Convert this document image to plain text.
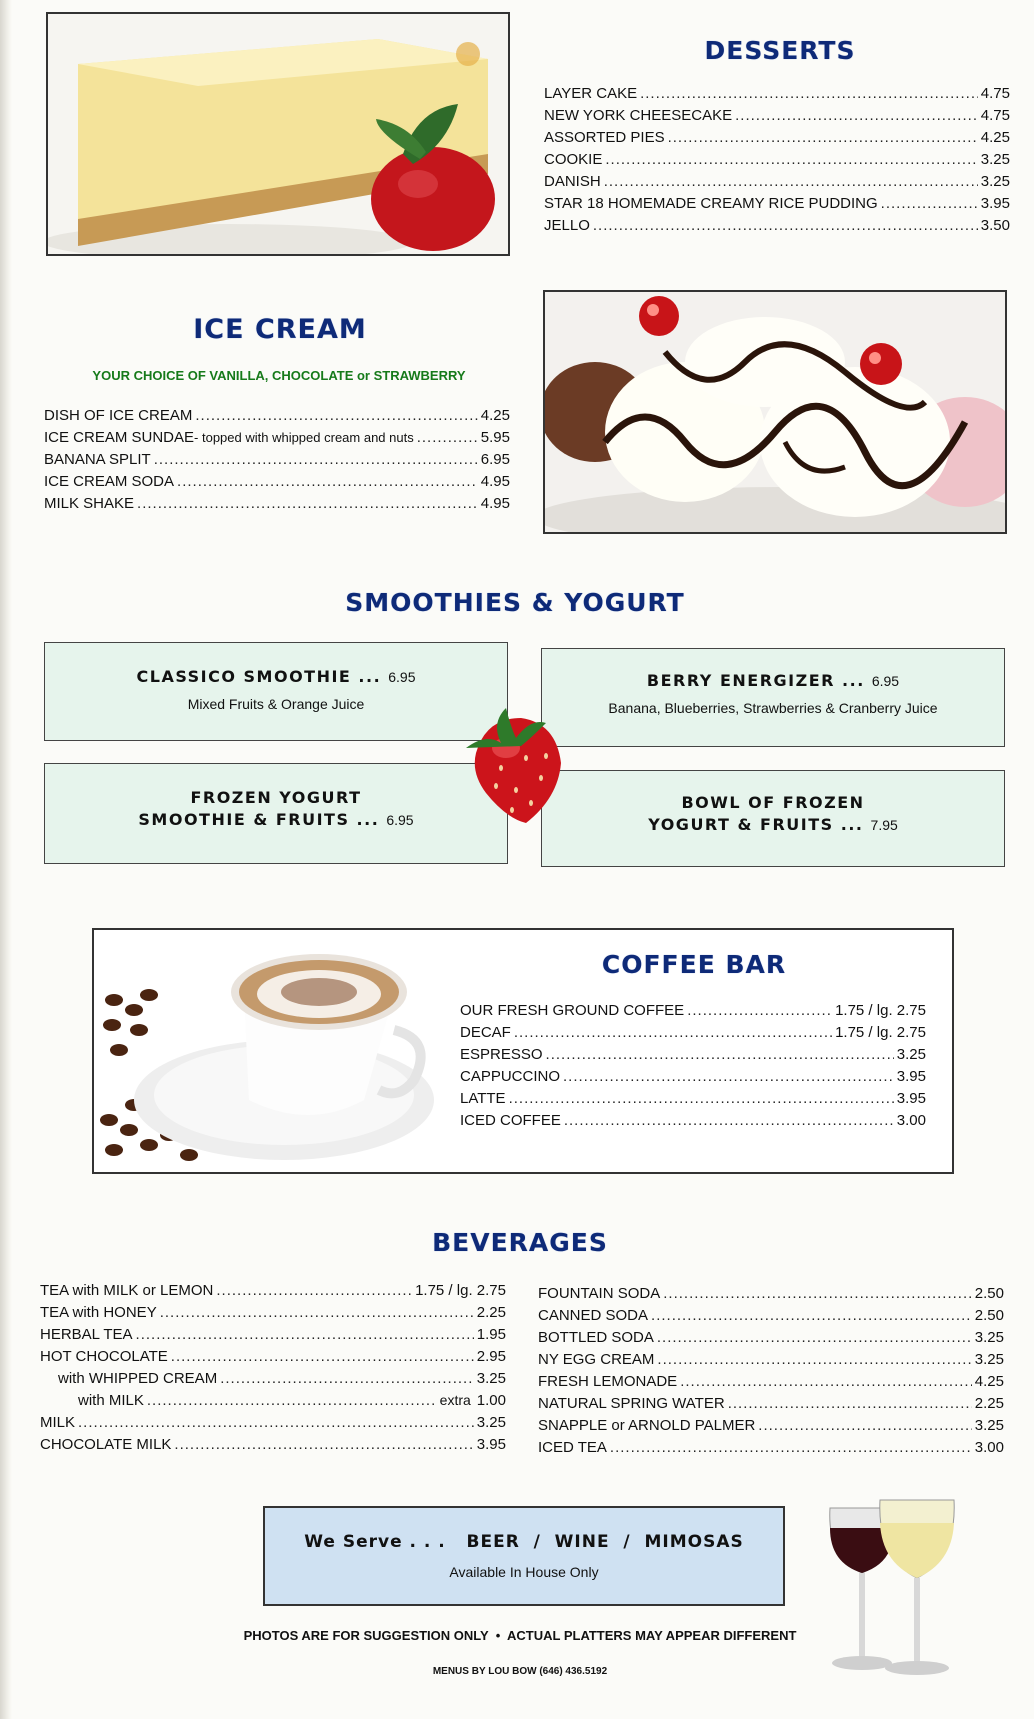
DESSERTS
LAYER CAKE .....	4.75
NEW YORK CHEESECAKE .....	4.75
ASSORTED PIES .....	4.25
COOKIE .....	3.25
DANISH .....	3.25
STAR 18 HOMEMADE CREAMY RICE PUDDING .....	3.95
JELLO .....	3.50
ICE CREAM
YOUR CHOICE OF VANILLA, CHOCOLATE or STRAWBERRY
DISH OF ICE CREAM .....	4.25
ICE CREAM SUNDAE - topped with whipped cream and nuts .....	5.95
BANANA SPLIT .....	6.95
ICE CREAM SODA .....	4.95
MILK SHAKE .....	4.95
SMOOTHIES & YOGURT
CLASSICO SMOOTHIE ... 6.95
Mixed Fruits & Orange Juice
BERRY ENERGIZER ... 6.95
Banana, Blueberries, Strawberries & Cranberry Juice
FROZEN YOGURT
SMOOTHIE & FRUITS ... 6.95
BOWL OF FROZEN
YOGURT & FRUITS ... 7.95
COFFEE BAR
OUR FRESH GROUND COFFEE .....	1.75 / lg. 2.75
DECAF .....	1.75 / lg. 2.75
ESPRESSO .....	3.25
CAPPUCCINO .....	3.95
LATTE .....	3.95
ICED COFFEE .....	3.00
BEVERAGES
TEA with MILK or LEMON .....	1.75 / lg. 2.75
TEA with HONEY .....	2.25
HERBAL TEA .....	1.95
HOT CHOCOLATE .....	2.95
with WHIPPED CREAM .....	3.25
with MILK .....	extra 1.00
MILK .....	3.25
CHOCOLATE MILK .....	3.95
FOUNTAIN SODA .....	2.50
CANNED SODA .....	2.50
BOTTLED SODA .....	3.25
NY EGG CREAM .....	3.25
FRESH LEMONADE .....	4.25
NATURAL SPRING WATER .....	2.25
SNAPPLE or ARNOLD PALMER .....	3.25
ICED TEA .....	3.00
We Serve . . . BEER  /  WINE  /  MIMOSAS
Available In House Only
PHOTOS ARE FOR SUGGESTION ONLY • ACTUAL PLATTERS MAY APPEAR DIFFERENT
MENUS BY LOU BOW (646) 436.5192
